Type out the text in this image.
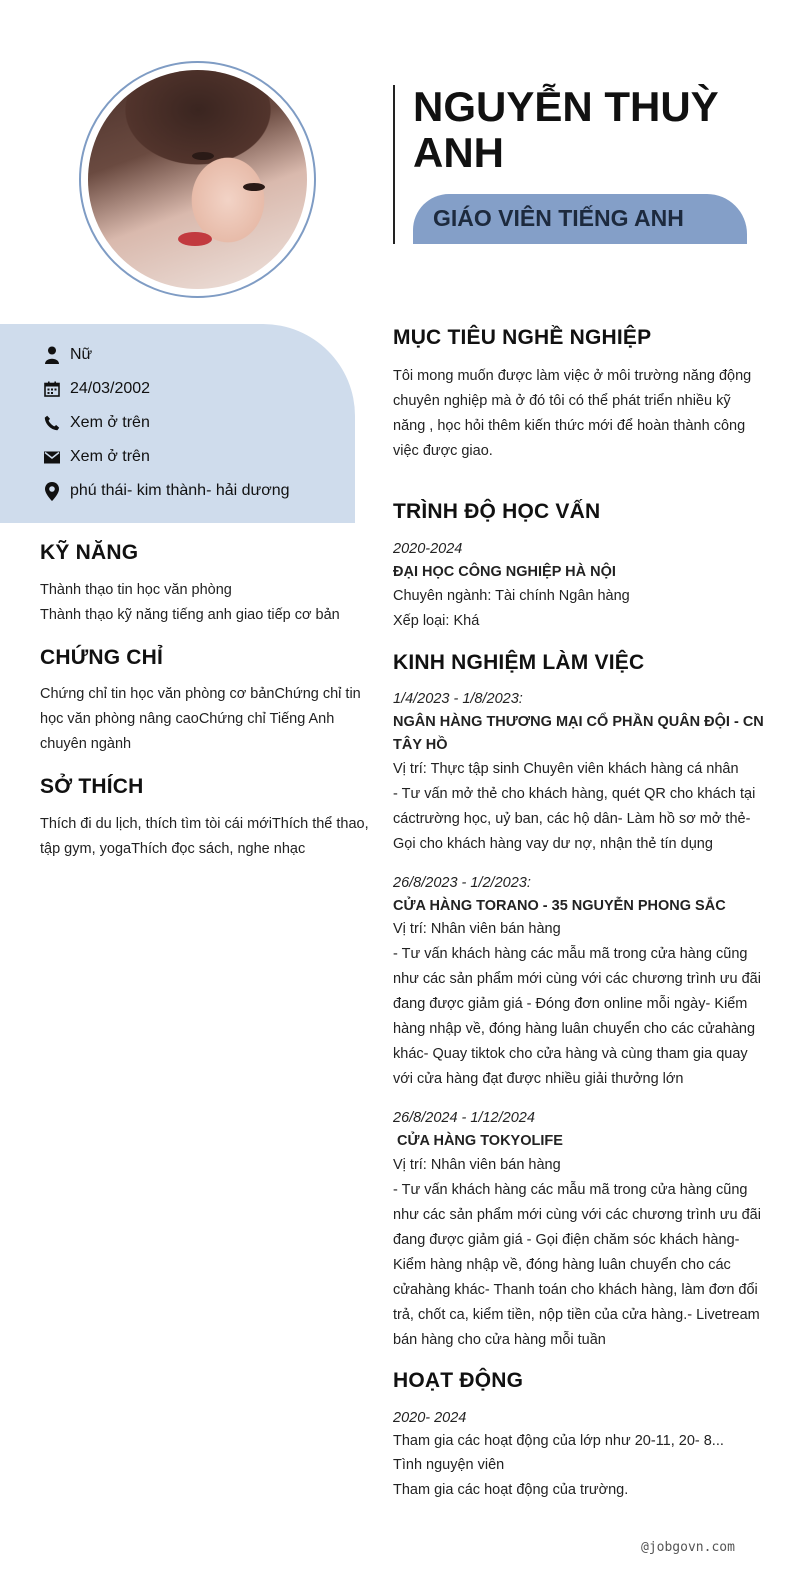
NGUYỄN THUỲ ANH
GIÁO VIÊN TIẾNG ANH
Nữ
24/03/2002
Xem ở trên
Xem ở trên
phú thái- kim thành- hải dương
KỸ NĂNG
Thành thạo tin học văn phòng
Thành thạo kỹ năng tiếng anh giao tiếp cơ bản
CHỨNG CHỈ
Chứng chỉ tin học văn phòng cơ bảnChứng chỉ tin
học văn phòng nâng caoChứng chỉ Tiếng Anh
chuyên ngành
SỞ THÍCH
Thích đi du lịch, thích tìm tòi cái mớiThích thể thao,
tập gym, yogaThích đọc sách, nghe nhạc
MỤC TIÊU NGHỀ NGHIỆP
Tôi mong muốn được làm việc ở môi trường năng động
chuyên nghiệp mà ở đó tôi có thể phát triển nhiều kỹ
năng , học hỏi thêm kiến thức mới để hoàn thành công
việc được giao.
TRÌNH ĐỘ HỌC VẤN
2020-2024
ĐẠI HỌC CÔNG NGHIỆP HÀ NỘI
Chuyên ngành: Tài chính Ngân hàng
Xếp loại: Khá
KINH NGHIỆM LÀM VIỆC
1/4/2023 - 1/8/2023:
NGÂN HÀNG THƯƠNG MẠI CỔ PHẦN QUÂN ĐỘI - CN
TÂY HỒ
Vị trí: Thực tập sinh Chuyên viên khách hàng cá nhân
- Tư vấn mở thẻ cho khách hàng, quét QR cho khách tại
cáctrường học, uỷ ban, các hộ dân- Làm hồ sơ mở thẻ-
Gọi cho khách hàng vay dư nợ, nhận thẻ tín dụng
26/8/2023 - 1/2/2023:
CỬA HÀNG TORANO - 35 NGUYỄN PHONG SẮC
Vị trí: Nhân viên bán hàng
- Tư vấn khách hàng các mẫu mã trong cửa hàng cũng
như các sản phẩm mới cùng với các chương trình ưu đãi
đang được giảm giá - Đóng đơn online mỗi ngày- Kiểm
hàng nhập về, đóng hàng luân chuyển cho các cửahàng
khác- Quay tiktok cho cửa hàng và cùng tham gia quay
với cửa hàng đạt được nhiều giải thưởng lớn
26/8/2024 - 1/12/2024
CỬA HÀNG TOKYOLIFE
Vị trí: Nhân viên bán hàng
- Tư vấn khách hàng các mẫu mã trong cửa hàng cũng
như các sản phẩm mới cùng với các chương trình ưu đãi
đang được giảm giá - Gọi điện chăm sóc khách hàng-
Kiểm hàng nhập về, đóng hàng luân chuyển cho các
cửahàng khác- Thanh toán cho khách hàng, làm đơn đổi
trả, chốt ca, kiểm tiền, nộp tiền của cửa hàng.- Livetream
bán hàng cho cửa hàng mỗi tuần
HOẠT ĐỘNG
2020- 2024
Tham gia các hoạt động của lớp như 20-11, 20- 8...
Tình nguyện viên
Tham gia các hoạt động của trường.
@jobgovn.com
